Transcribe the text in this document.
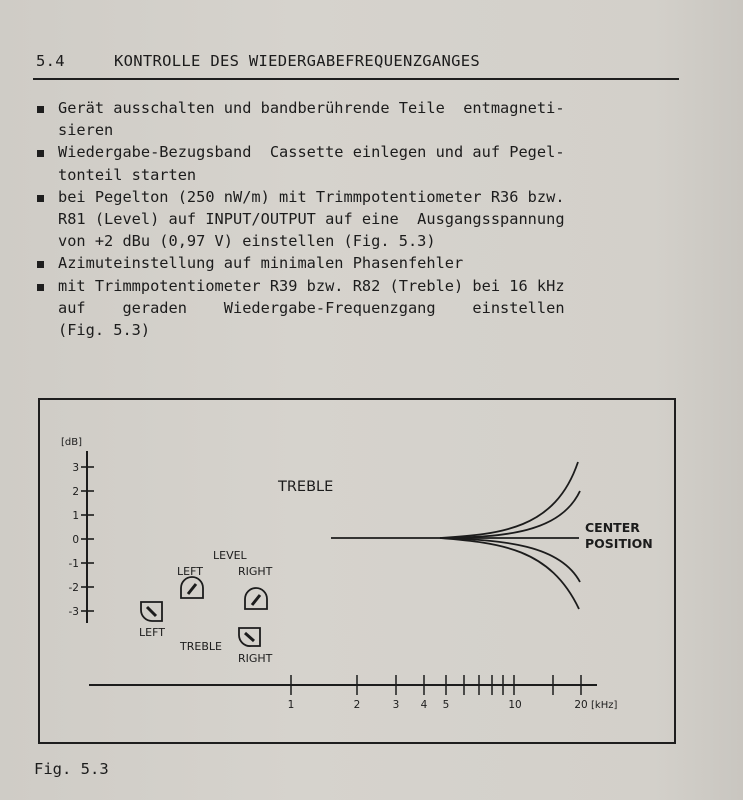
5.4	KONTROLLE DES WIEDERGABEFREQUENZGANGES
Gerät ausschalten und bandberührende Teile  entmagneti-
sieren
Wiedergabe-Bezugsband  Cassette einlegen und auf Pegel-
tonteil starten
bei Pegelton (250 nW/m) mit Trimmpotentiometer R36 bzw.
R81 (Level) auf INPUT/OUTPUT auf eine  Ausgangsspannung
von +2 dBu (0,97 V) einstellen (Fig. 5.3)
Azimuteinstellung auf minimalen Phasenfehler
mit Trimmpotentiometer R39 bzw. R82 (Treble) bei 16 kHz
auf    geraden    Wiedergabe-Frequenzgang    einstellen
(Fig. 5.3)
[dB]
3
2
1
0
-1
-2
-3
1	2	3 4 5	10	20 [kHz]
TREBLE
CENTER
POSITION
LEVEL
LEFT	RIGHT
LEFT
TREBLE
RIGHT
Fig. 5.3
